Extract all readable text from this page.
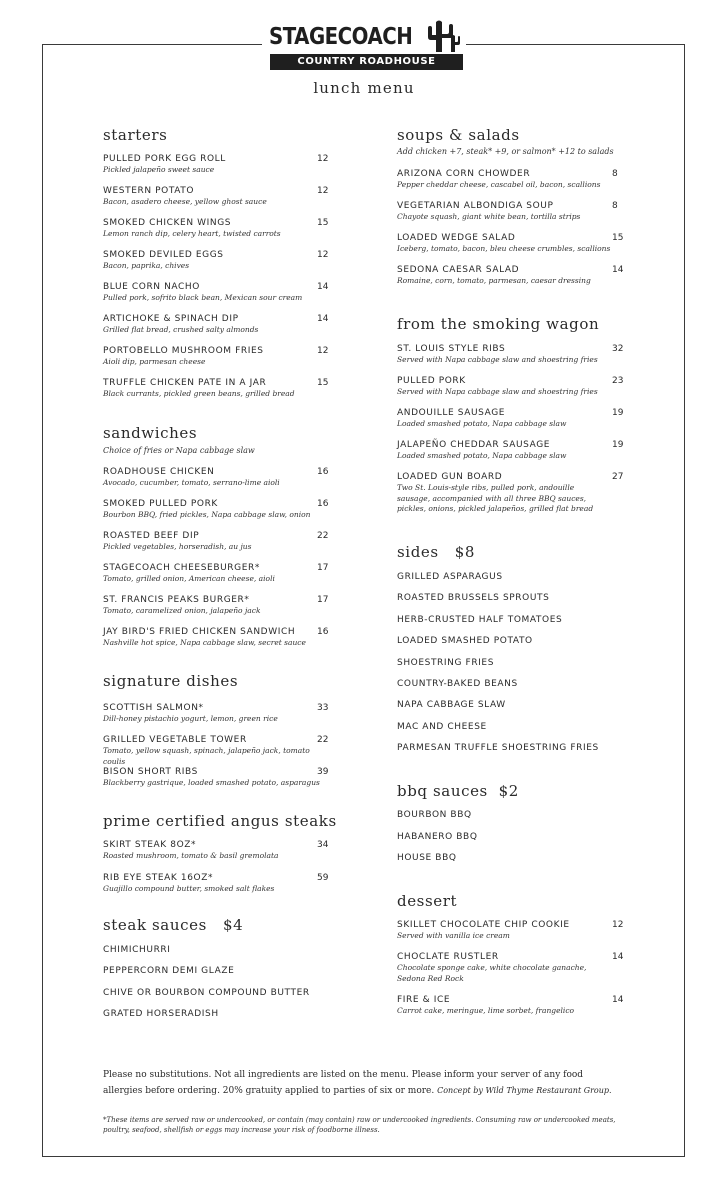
STAGECOACH
COUNTRY ROADHOUSE
lunch menu
starters
PULLED PORK EGG ROLL
Pickled jalapeño sweet sauce
12
WESTERN POTATO
Bacon, asadero cheese, yellow ghost sauce
12
SMOKED CHICKEN WINGS
Lemon ranch dip, celery heart, twisted carrots
15
SMOKED DEVILED EGGS
Bacon, paprika, chives
12
BLUE CORN NACHO
Pulled pork, sofrito black bean, Mexican sour cream
14
ARTICHOKE & SPINACH DIP
Grilled flat bread, crushed salty almonds
14
PORTOBELLO MUSHROOM FRIES
Aioli dip, parmesan cheese
12
TRUFFLE CHICKEN PATE IN A JAR
Black currants, pickled green beans, grilled bread
15
sandwiches
Choice of fries or Napa cabbage slaw
ROADHOUSE CHICKEN
Avocado, cucumber, tomato, serrano-lime aioli
16
SMOKED PULLED PORK
Bourbon BBQ, fried pickles, Napa cabbage slaw, onion
16
ROASTED BEEF DIP
Pickled vegetables, horseradish, au jus
22
STAGECOACH CHEESEBURGER*
Tomato, grilled onion, American cheese, aioli
17
ST. FRANCIS PEAKS BURGER*
Tomato, caramelized onion, jalapeño jack
17
JAY BIRD'S FRIED CHICKEN SANDWICH
Nashville hot spice, Napa cabbage slaw, secret sauce
16
signature dishes
SCOTTISH SALMON*
Dill-honey pistachio yogurt, lemon, green rice
33
GRILLED VEGETABLE TOWER
Tomato, yellow squash, spinach, jalapeño jack, tomato coulis
22
BISON SHORT RIBS
Blackberry gastrique, loaded smashed potato, asparagus
39
prime certified angus steaks
SKIRT STEAK 8OZ*
Roasted mushroom, tomato & basil gremolata
34
RIB EYE STEAK 16OZ*
Guajillo compound butter, smoked salt flakes
59
steak sauces $4
CHIMICHURRI
PEPPERCORN DEMI GLAZE
CHIVE OR BOURBON COMPOUND BUTTER
GRATED HORSERADISH
soups & salads
Add chicken +7, steak* +9, or salmon* +12 to salads
ARIZONA CORN CHOWDER
Pepper cheddar cheese, cascabel oil, bacon, scallions
8
VEGETARIAN ALBONDIGA SOUP
Chayote squash, giant white bean, tortilla strips
8
LOADED WEDGE SALAD
Iceberg, tomato, bacon, bleu cheese crumbles, scallions
15
SEDONA CAESAR SALAD
Romaine, corn, tomato, parmesan, caesar dressing
14
from the smoking wagon
ST. LOUIS STYLE RIBS
Served with Napa cabbage slaw and shoestring fries
32
PULLED PORK
Served with Napa cabbage slaw and shoestring fries
23
ANDOUILLE SAUSAGE
Loaded smashed potato, Napa cabbage slaw
19
JALAPEÑO CHEDDAR SAUSAGE
Loaded smashed potato, Napa cabbage slaw
19
LOADED GUN BOARD
Two St. Louis-style ribs, pulled pork, andouille sausage, accompanied with all three BBQ sauces, pickles, onions, pickled jalapeños, grilled flat bread
27
sides $8
GRILLED ASPARAGUS
ROASTED BRUSSELS SPROUTS
HERB-CRUSTED HALF TOMATOES
LOADED SMASHED POTATO
SHOESTRING FRIES
COUNTRY-BAKED BEANS
NAPA CABBAGE SLAW
MAC AND CHEESE
PARMESAN TRUFFLE SHOESTRING FRIES
bbq sauces $2
BOURBON BBQ
HABANERO BBQ
HOUSE BBQ
dessert
SKILLET CHOCOLATE CHIP COOKIE
Served with vanilla ice cream
12
CHOCLATE RUSTLER
Chocolate sponge cake, white chocolate ganache, Sedona Red Rock
14
FIRE & ICE
Carrot cake, meringue, lime sorbet, frangelico
14
Please no substitutions. Not all ingredients are listed on the menu. Please inform your server of any food allergies before ordering. 20% gratuity applied to parties of six or more. Concept by Wild Thyme Restaurant Group.
*These items are served raw or undercooked, or contain (may contain) raw or undercooked ingredients. Consuming raw or undercooked meats, poultry, seafood, shellfish or eggs may increase your risk of foodborne illness.
